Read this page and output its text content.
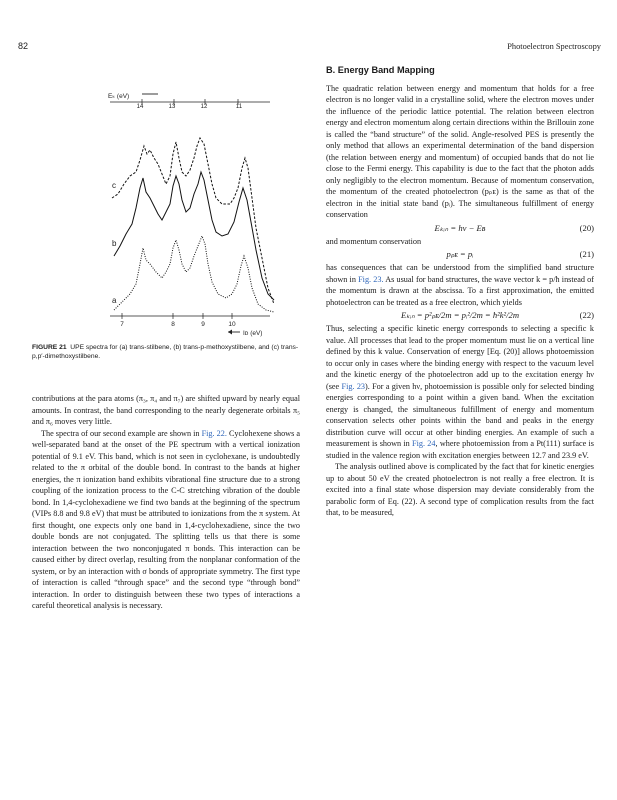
82	Photoelectron Spectroscopy
Eₖ (eV)
14	13	12	11
c
b
a
7	8	9	10
Iᴅ (eV)
FIGURE 21 UPE spectra for (a) trans-stilbene, (b) trans-p-methoxystilbene, and (c) trans-p,p′-dimethoxystilbene.

contributions at the para atoms (π₃, π₄ and π₇) are shifted upward by nearly equal amounts. In contrast, the band corresponding to the nearly degenerate orbitals π₅ and π₆ moves very little.

The spectra of our second example are shown in Fig. 22. Cyclohexene shows a well-separated band at the onset of the PE spectrum with a vertical ionization potential of 9.1 eV. This band, which is not seen in cyclohexane, is undoubtedly related to the π orbital of the double bond. In contrast to the bands at higher energies, the π ionization band exhibits vibrational fine structure due to a strong coupling of the ionization process to the C-C stretching vibration of the double bond. In 1,4-cyclohexadiene we find two bands at the beginning of the spectrum (VIPs 8.8 and 9.8 eV) that must be attributed to ionizations from the π system. At first thought, one expects only one band in 1,4-cyclohexadiene, since the two double bonds are not conjugated. The splitting tells us that there is some interaction between the two nonconjugated π bonds. This interaction can be caused either by direct overlap, resulting from the nonplanar conformation of the system, or by an interaction with σ bonds of appropriate symmetry. The first type of interaction is called “through space” and the second type “through bond” interaction. In order to distinguish between these two types of interactions a careful theoretical analysis is necessary.

B. Energy Band Mapping

The quadratic relation between energy and momentum that holds for a free electron is no longer valid in a crystalline solid, where the electron moves under the influence of the periodic lattice potential. The relation between electron energy and electron momentum along certain directions within the Brillouin zone is called the “band structure” of the solid. Angle-resolved PES is presently the only method that allows an experimental determination of the band dispersion (the relation between energy and momentum) of occupied bands that do not lie close to the Fermi energy. This capability is due to the fact that the photon adds only negligibly to the electron momentum. Because of momentum conservation, the momentum of the created photoelectron (pₚᴇ) is the same as that of the electron in the initial state band (pᵢ). The simultaneous fulfillment of energy conservation

Eₖᵢₙ = hν − Eʙ	(20)

and momentum conservation

pₚᴇ = pᵢ	(21)

has consequences that can be understood from the simplified band structure shown in Fig. 23. As usual for band structures, the wave vector k = p/ħ instead of the momentum is drawn at the abscissa. To a first approximation, the emitted photoelectron can be treated as a free electron, which yields

Eₖᵢₙ = p²ₚᴇ/2m = pᵢ²/2m = ħ²k²/2m	(22)

Thus, selecting a specific kinetic energy corresponds to selecting a specific k value. All processes that lead to the proper momentum must lie on a vertical line defined by this k value. Conservation of energy [Eq. (20)] allows photoemission to occur only in cases where the binding energy with respect to the vacuum level and the kinetic energy of the photoelectron add up to the excitation energy hν (see Fig. 23). For a given hν, photoemission is possible only for selected binding energies corresponding to a point within a given band. When the excitation energy is changed, the simultaneous fulfillment of energy and momentum conservation selects other points within the band and peaks in the energy distribution curve will occur at other binding energies. An example of such a measurement is shown in Fig. 24, where photoemission from a Pt(111) surface is studied in the valence region with excitation energies between 12.7 and 23.9 eV.

The analysis outlined above is complicated by the fact that for kinetic energies up to about 50 eV the created photoelectron is not really a free electron. It is excited into a final state whose dispersion may deviate considerably from the parabolic form of Eq. (22). A second type of complication results from the fact that, to be measured,
